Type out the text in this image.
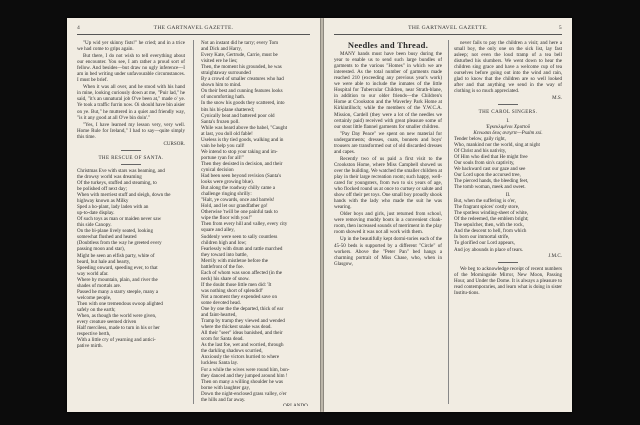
4	THE GARTNAVEL GAZETTE.

"Up wid yer skinny fists!" he cried; and in a trice we had come to grips again.

But there, I do not wish to tell everything about our encounter. You see, I am rather a proud sort of fellow. And besides—but draw no ugly inference—I am in bed writing under unfavourable circumstances. I must be brief.

When it was all over, and he stood with his hand in mine, looking curiously down at me, "Puir lad," he said, "it's an unnatural job O've been at," made o' ye. Ye took a traffic furrin now. Oi should have bin aisier on ye. But," he muttered in a quiet and friendly way, "is it any good at all O've bin doin'."

"Yes, I have learned my lesson very, very well. Home Rule for Ireland," I had to say—quite simply this time.

CURSOR.

THE RESCUE OF SANTA.

Christmas Eve with stars was beaming, and

the drowsy world was dreaming

Of the turkeys, stuffed and steaming, to

be polished off next day;

When with merriest stuff and sleigh, down the

highway known as Milky

Sped a ho-plant, lady laden with an

up-to-date display.

Of such toys as man or maiden never saw

this side Canopy.

On the bi-plane lively seated, looking

somewhat flushed and heated

(Doubtless from the way he greeted every

passing moon and star),

Might be seen an elfish party, white of

beard, but hale and hearty,

Speeding onward, speeding ever, to that

way world afar.

Where by mountain, plain, and river the

shades of mortals are.

Passed he many a starry steeple, many a

welcome people,

Then with one tremendous swoop alighted

safely on the earth;

When, as though the world were given,

every creature seemed driven

Half merciless, made to turn in his or her

respective berth,

With a little cry of yearning and antici-

pative mirth.

Not an instant did he tarry; every Tom

and Dick and Harry,

Every Kate, Gertrude, Carrie, must be

visited ere he lies;

Then, the moment his grounded, he was

straightaway surrounded

By a crowd of smaller creatures who had

shown him to mind.

On their best and cunning features looks

of uncomforting hath.

In the snow his goods they scattered, into

bits his bi-plane shattered;

Cynically beat and battered poor old

Santa's frozen poll.

While was heard above the babel, "Caught

at last, you doll old fable!

Useless is thy tied goods, walking and in

vain he help you call!

We intend to stop your taking and im-

portune ryan for all!"

Then they desisted in decision, and their

cynical decision

Had been seen beyond revision (Santa's

looks were growing blue).

But along the roadway chilly came a

challenge ringing shrilly:

"Halt, ye cowards, once and barrels!

Hold, and let our grandfather go!

Otherwise 'twill be one painful task to

wipe the floor with you!"

Then from every hill and valley, every city

square and alley,

Suddenly were seen to sally countless

children high and low;

Fearlessly with drum and rattle marched

they toward into battle,

Merrily with mistletoe before the

battlefront of the foe.

Each of whom was soon affected (in the

neck) his share of snow.

If the doubt those little men did: 'It

was nothing short of splendid!'

Not a moment they expended save on

some devoted head.

One by one the the departed, thick of ear

and faint-hearted,

Tramp by tramp they viewed and wended

where the thickest snake was dead.

All their "seer" ideas banished, and their

scorn for Santa dead.

As the last foe, wet and worried, through

the darkling shadows scurried,

Anxiously the victors hurried to where

luckless Santa lay.

For a while the wives were round him, bon-

they danced and they jumped around him !

Then on many a willing shoulder he was

borne with laughter gay,

Down the night-enclosed grass valley, o'er

the hills and far away.

ORLANDO.

THE GARTNAVEL GAZETTE.	5
Needles and Thread.

MANY hands must have been busy during the year to enable us to send such large bundles of garments to the various "Homes" in which we are interested. As the total number of garments made reached 210 (exceeding any previous year's work) we were able to include the inmates of the little Hospital for Tubercular Children, near Strath-blane, in addition to our older friends—the Children's Home at Crookston and the Waverley Park Home at Kirkintilloch; while the members of the Y.W.C.A. Mission, Cardell (they were a lot of the needles we certainly paid) received with great pleasure some of our stout little flannel garments for smaller children.

"Pay Day Peace" we spent on new material for undergarments; dresses, coats, bonnets and boys' trousers are transformed out of old discarded dresses and capes.

Recently two of us paid a first visit to the Crookston Home, where Miss Campbell showed us over the building. We watched the smaller children at play in their large recreation room; such happy, well-cared for youngsters, from two to six years of age, who flocked round us at once to curtsey or salute and show off their pet toys. One small boy proudly shook hands with the lady who made the suit he was wearing.

Older boys and girls, just returned from school, were removing muddy boots in a convenient cloak-room, then increased sounds of merriment in the play room showed it was not all work with them.

Up in the beautifully kept dormi-tories each of the 45-50 beds is supported by a different "Circle" of workers. Above the "Peter Pan" bed hangs a charming portrait of Miss Chase, who, when in Glasgow,

never fails to pay the children a visit; and here a small boy, the only one on the sick list, lay fast asleep; not even the loud tramp of a tea bell disturbed his slumbers. We went down to hear the children sing grace and have a welcome cup of tea ourselves before going out into the wind and rain, glad to know that the children are so well looked after and that anything we send in the way of clothing is so much appreciated.

M.S.

THE CAROL SINGERS.
I.
Ἐγκεκλιμένοι Χριστοῦ
Κενωσαι δεος ανεγετε—Psalm xxi.

Tender below, gaily right,

Who, mankind nor the world, sing at night

Of Christ and his nativity,

Of Him who died that He might free

Our souls from sin's captivity,

We backward cast our gaze and see

Our Lord upon the accursed tree,

The pierced hands, the bleeding feet,

The tomb woman, meek and sweet.

II.

But, when the suffering is o'er,

The fragrant spices' costly store,

The spotless winding-sheet of white,

Of the redeemed, the emblem bright;

The sepulcher, then, with the rock,

And the descent to hell, from which

In born our immortal strife,

To glorified our Lord appears,

And joy abounds in place of tears.

J.M.C.

We beg to acknowledge receipt of recent numbers of the Morningside Mirror, New Moon, Passing Hour, and Under the Dome. It is always a pleasure to read contemporaries, and learn what is doing in sister Institu-tions.
